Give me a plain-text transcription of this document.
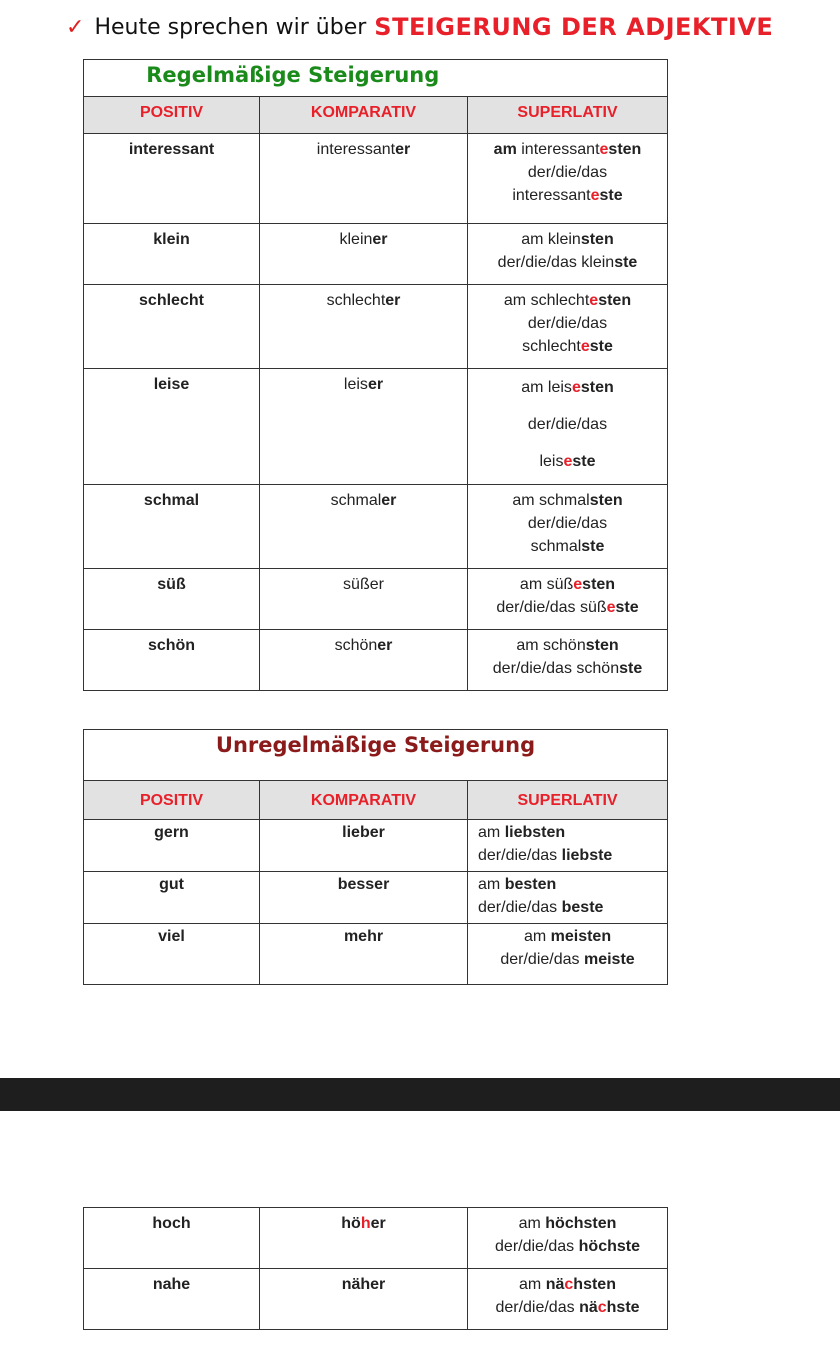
✓ Heute sprechen wir über STEIGERUNG DER ADJEKTIVE
Regelmäßige Steigerung		
POSITIV	KOMPARATIV	SUPERLATIV
interessant	interessanter	am interessantesten
der/die/das
interessanteste
klein	kleiner	am kleinsten
der/die/das kleinste
schlecht	schlechter	am schlechtesten
der/die/das
schlechteste
leise	leiser	am leisesten
der/die/das
leiseste
schmal	schmaler	am schmalsten
der/die/das
schmalste
süß	süßer	am süßesten
der/die/das süßeste
schön	schöner	am schönsten
der/die/das schönste
Unregelmäßige Steigerung		
POSITIV	KOMPARATIV	SUPERLATIV
gern	lieber	am liebsten
der/die/das liebste
gut	besser	am besten
der/die/das beste
viel	mehr	am meisten
der/die/das meiste
hoch	höher	am höchsten
der/die/das höchste
nahe	näher	am nächsten
der/die/das nächste
